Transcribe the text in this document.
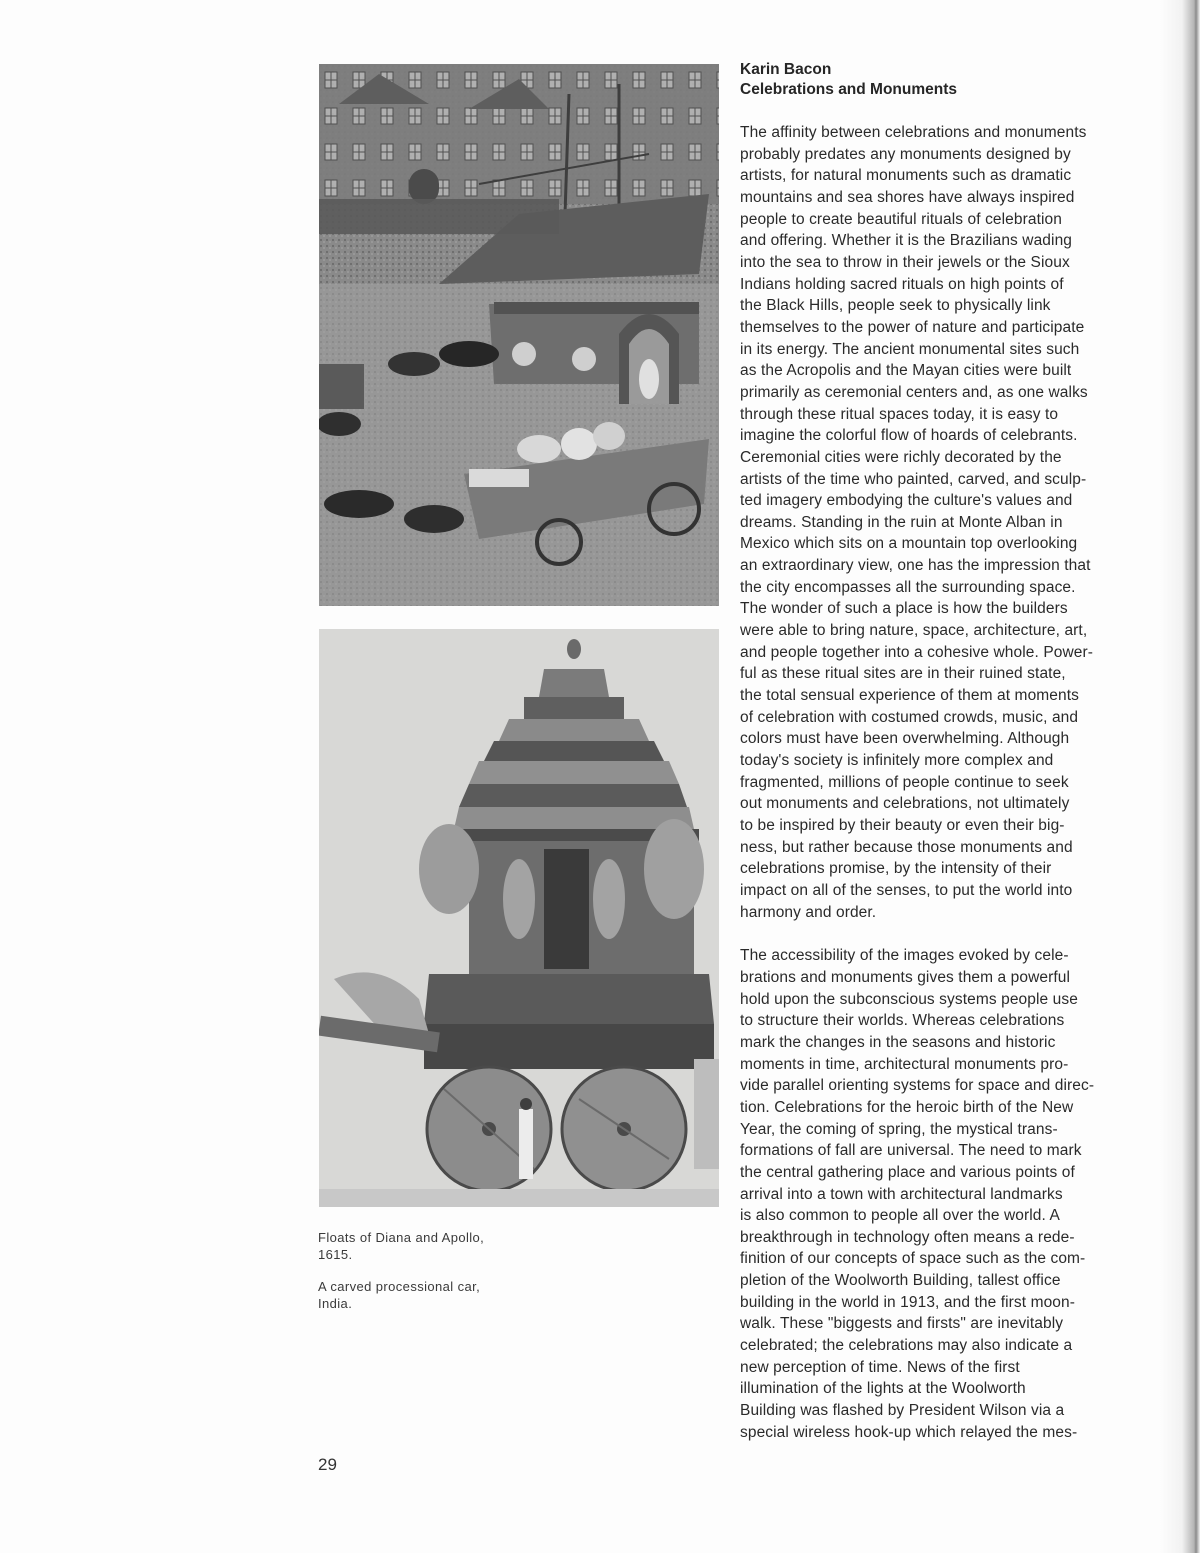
Floats of Diana and Apollo,
1615.

A carved processional car,
India.

Karin Bacon
Celebrations and Monuments
The affinity between celebrations and monuments
probably predates any monuments designed by
artists, for natural monuments such as dramatic
mountains and sea shores have always inspired
people to create beautiful rituals of celebration
and offering. Whether it is the Brazilians wading
into the sea to throw in their jewels or the Sioux
Indians holding sacred rituals on high points of
the Black Hills, people seek to physically link
themselves to the power of nature and participate
in its energy. The ancient monumental sites such
as the Acropolis and the Mayan cities were built
primarily as ceremonial centers and, as one walks
through these ritual spaces today, it is easy to
imagine the colorful flow of hoards of celebrants.
Ceremonial cities were richly decorated by the
artists of the time who painted, carved, and sculp-
ted imagery embodying the culture's values and
dreams. Standing in the ruin at Monte Alban in
Mexico which sits on a mountain top overlooking
an extraordinary view, one has the impression that
the city encompasses all the surrounding space.
The wonder of such a place is how the builders
were able to bring nature, space, architecture, art,
and people together into a cohesive whole. Power-
ful as these ritual sites are in their ruined state,
the total sensual experience of them at moments
of celebration with costumed crowds, music, and
colors must have been overwhelming. Although
today's society is infinitely more complex and
fragmented, millions of people continue to seek
out monuments and celebrations, not ultimately
to be inspired by their beauty or even their big-
ness, but rather because those monuments and
celebrations promise, by the intensity of their
impact on all of the senses, to put the world into
harmony and order.
The accessibility of the images evoked by cele-
brations and monuments gives them a powerful
hold upon the subconscious systems people use
to structure their worlds. Whereas celebrations
mark the changes in the seasons and historic
moments in time, architectural monuments pro-
vide parallel orienting systems for space and direc-
tion. Celebrations for the heroic birth of the New
Year, the coming of spring, the mystical trans-
formations of fall are universal. The need to mark
the central gathering place and various points of
arrival into a town with architectural landmarks
is also common to people all over the world. A
breakthrough in technology often means a rede-
finition of our concepts of space such as the com-
pletion of the Woolworth Building, tallest office
building in the world in 1913, and the first moon-
walk. These "biggests and firsts" are inevitably
celebrated; the celebrations may also indicate a
new perception of time. News of the first
illumination of the lights at the Woolworth
Building was flashed by President Wilson via a
special wireless hook-up which relayed the mes-
29
